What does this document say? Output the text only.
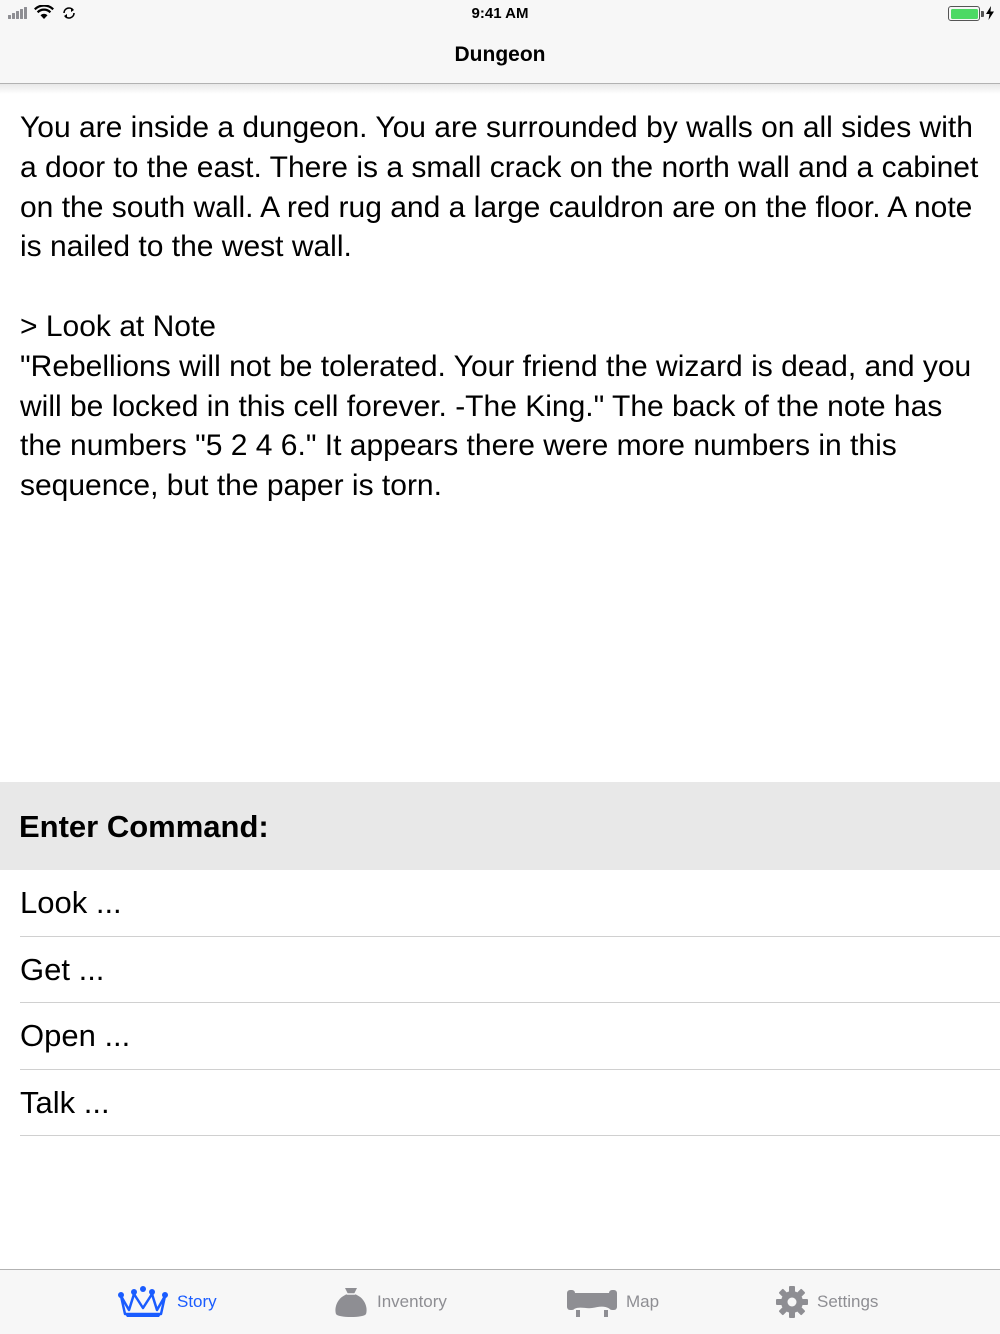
9:41 AM
Dungeon
You are inside a dungeon. You are surrounded by walls on all sides with a door to the east. There is a small crack on the north wall and a cabinet on the south wall. A red rug and a large cauldron are on the floor. A note is nailed to the west wall.

> Look at Note
"Rebellions will not be tolerated. Your friend the wizard is dead, and you will be locked in this cell forever. -The King." The back of the note has the numbers "5 2 4 6." It appears there were more numbers in this sequence, but the paper is torn.
Enter Command:
Look ...
Get ...
Open ...
Talk ...
Story	Inventory	Map	Settings
